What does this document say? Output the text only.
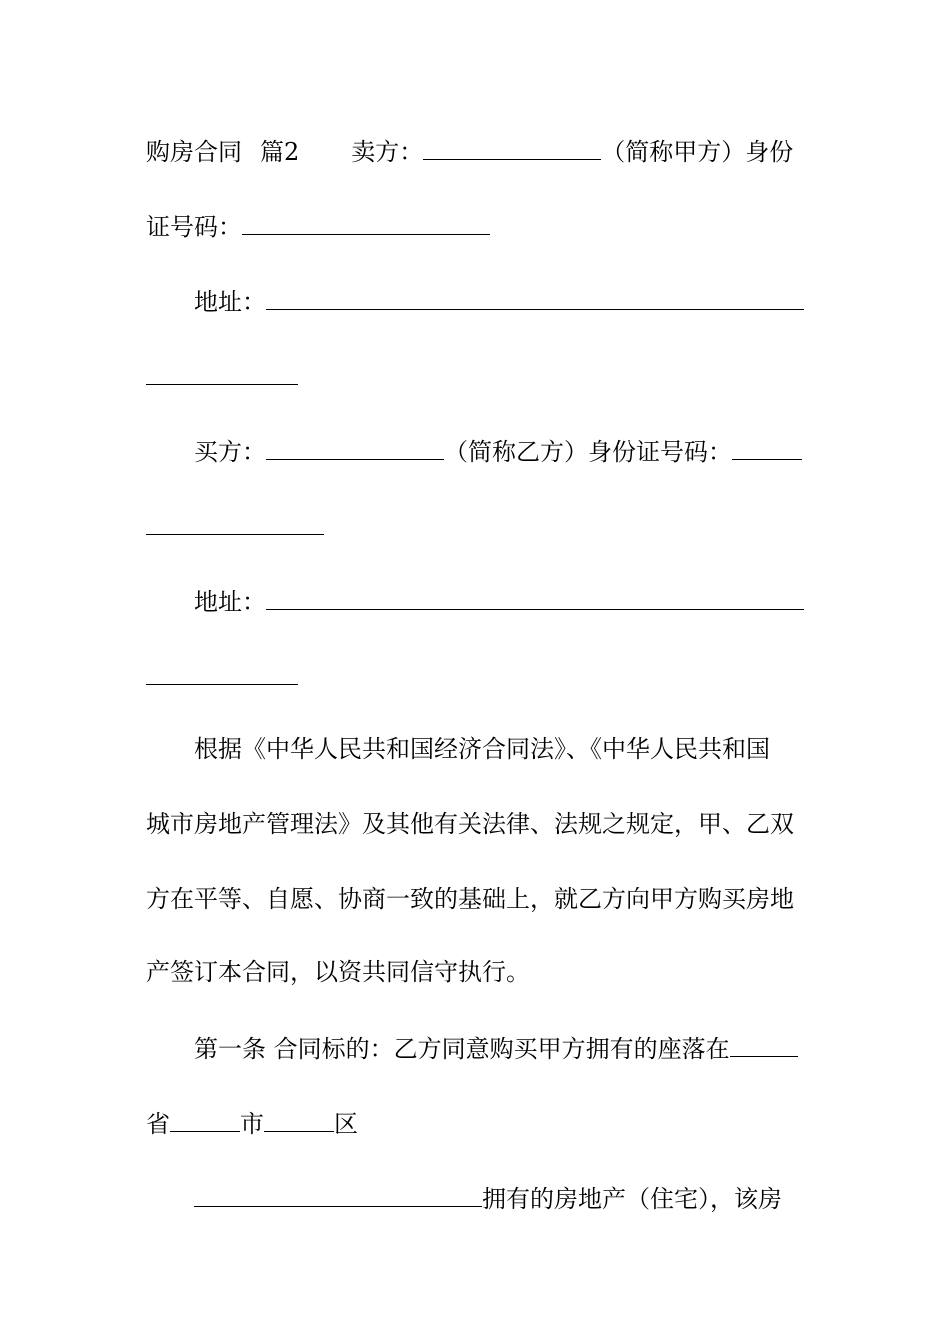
购房合同 篇2 卖方：	（简称甲方）身份
证号码：
地址：
买方：	（简称乙方）身份证号码：
地址：
根据《中华人民共和国经济合同法》、《中华人民共和国
城市房地产管理法》及其他有关法律、法规之规定，甲、乙双
方在平等、自愿、协商一致的基础上，就乙方向甲方购买房地
产签订本合同，以资共同信守执行。
第一条 合同标的：乙方同意购买甲方拥有的座落在
省	市	区
拥有的房地产（住宅），该房
